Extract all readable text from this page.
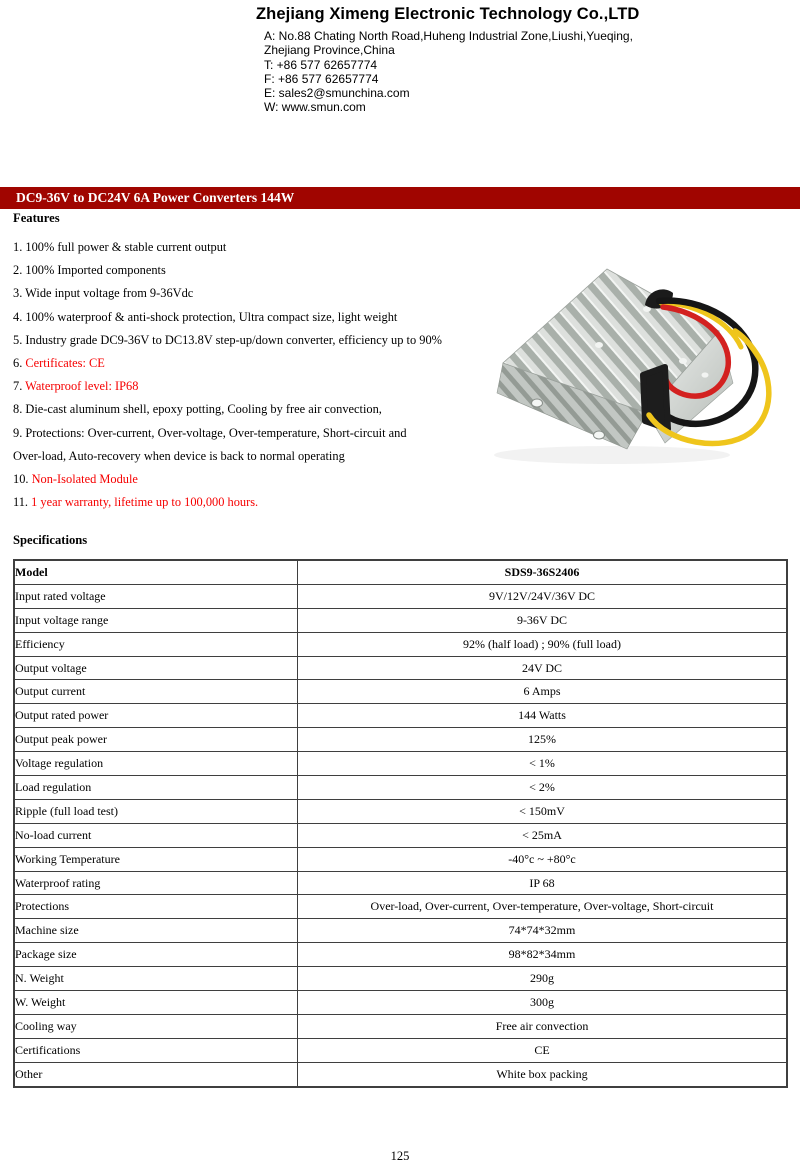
Zhejiang Ximeng Electronic Technology Co.,LTD
A: No.88 Chating North Road,Huheng Industrial Zone,Liushi,Yueqing,
Zhejiang Province,China
T: +86 577 62657774
F: +86 577 62657774
E: sales2@smunchina.com
W: www.smun.com
DC9-36V to DC24V 6A Power Converters 144W
Features
1. 100% full power & stable current output
2. 100% Imported components
3. Wide input voltage from 9-36Vdc
4. 100% waterproof & anti-shock protection, Ultra compact size, light weight
5. Industry grade DC9-36V to DC13.8V step-up/down converter, efficiency up to 90%
6. Certificates: CE
7. Waterproof level: IP68
8. Die-cast aluminum shell, epoxy potting, Cooling by free air convection,
9. Protections: Over-current, Over-voltage, Over-temperature, Short-circuit and
Over-load, Auto-recovery when device is back to normal operating
10. Non-Isolated Module
11. 1 year warranty, lifetime up to 100,000 hours.
Specifications
Model	SDS9-36S2406
Input rated voltage	9V/12V/24V/36V DC
Input voltage range	9-36V DC
Efficiency	92% (half load) ; 90% (full load)
Output voltage	24V DC
Output current	6 Amps
Output rated power	144 Watts
Output peak power	125%
Voltage regulation	< 1%
Load regulation	< 2%
Ripple (full load test)	< 150mV
No-load current	< 25mA
Working Temperature	-40°c ~ +80°c
Waterproof rating	IP 68
Protections	Over-load, Over-current, Over-temperature, Over-voltage, Short-circuit
Machine size	74*74*32mm
Package size	98*82*34mm
N. Weight	290g
W. Weight	300g
Cooling way	Free air convection
Certifications	CE
Other	White box packing
125
